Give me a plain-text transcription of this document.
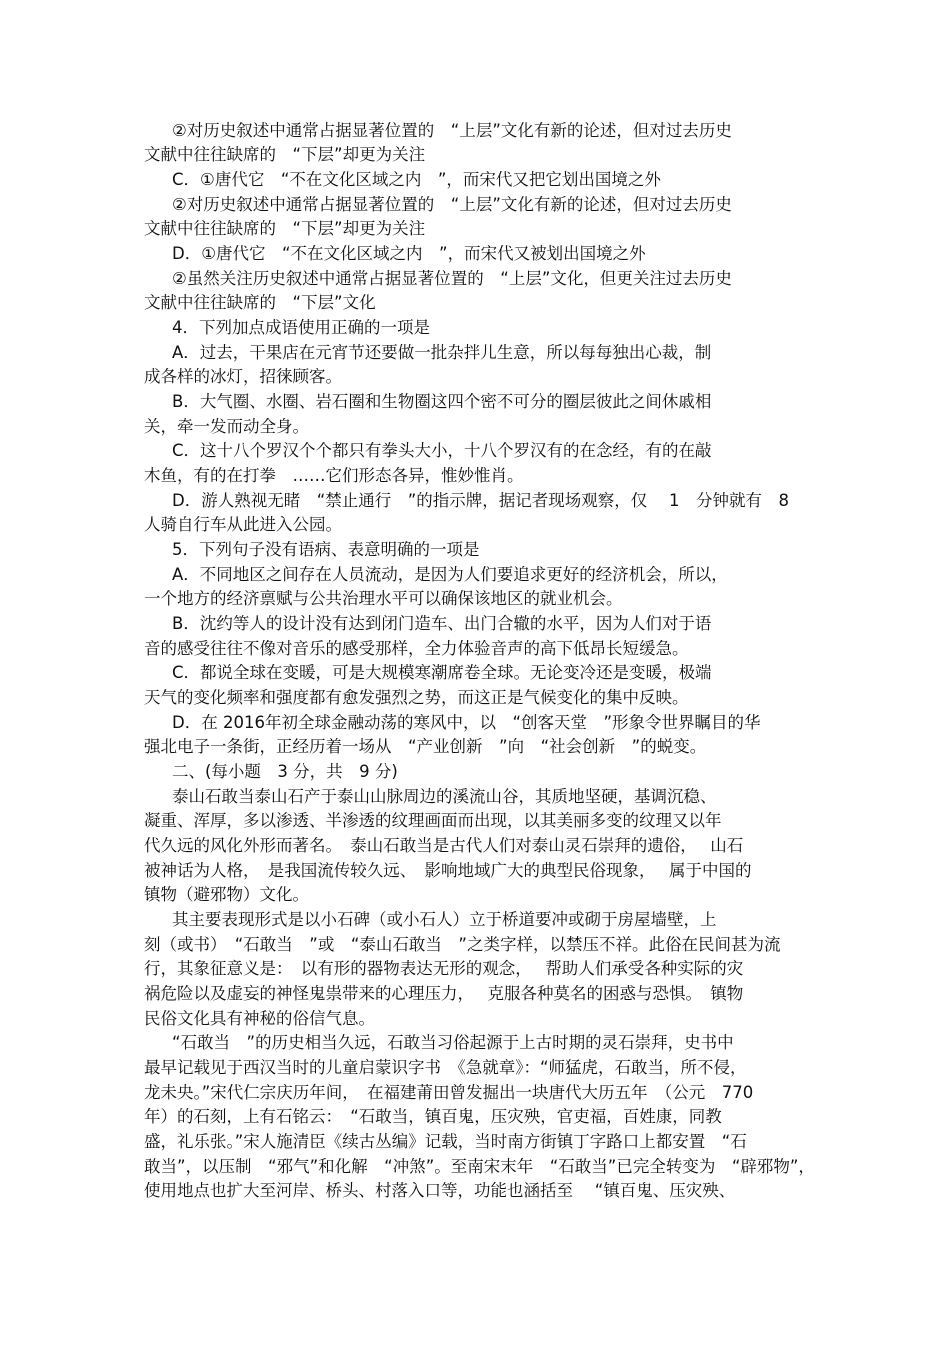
②对历史叙述中通常占据显著位置的　“上层”文化有新的论述，但对过去历史
文献中往往缺席的　“下层”却更为关注
C．①唐代它　“不在文化区域之内　”，而宋代又把它划出国境之外
②对历史叙述中通常占据显著位置的　“上层”文化有新的论述，但对过去历史
文献中往往缺席的　“下层”却更为关注
D．①唐代它　“不在文化区域之内　”，而宋代又被划出国境之外
②虽然关注历史叙述中通常占据显著位置的　“上层”文化，但更关注过去历史
文献中往往缺席的　“下层”文化
4．下列加点成语使用正确的一项是
A．过去，干果店在元宵节还要做一批杂拌儿生意，所以每每独出心裁，制
成各样的冰灯，招徕顾客。
B．大气圈、水圈、岩石圈和生物圈这四个密不可分的圈层彼此之间休戚相
关，牵一发而动全身。
C．这十八个罗汉个个都只有拳头大小，十八个罗汉有的在念经，有的在敲
木鱼，有的在打拳　……它们形态各异，惟妙惟肖。
D．游人熟视无睹　“禁止通行　”的指示牌，据记者现场观察，仅　 1　分钟就有　8
人骑自行车从此进入公园。
5．下列句子没有语病、表意明确的一项是
A．不同地区之间存在人员流动，是因为人们要追求更好的经济机会，所以，
一个地方的经济禀赋与公共治理水平可以确保该地区的就业机会。
B．沈约等人的设计没有达到闭门造车、出门合辙的水平，因为人们对于语
音的感受往往不像对音乐的感受那样，全力体验音声的高下低昂长短缓急。
C．都说全球在变暖，可是大规模寒潮席卷全球。无论变冷还是变暖，极端
天气的变化频率和强度都有愈发强烈之势，而这正是气候变化的集中反映。
D．在 2016年初全球金融动荡的寒风中，以　“创客天堂　”形象令世界瞩目的华
强北电子一条街，正经历着一场从　“产业创新　”向　“社会创新　”的蜕变。
二、(每小题　3 分，共　9 分)
泰山石敢当泰山石产于泰山山脉周边的溪流山谷，其质地坚硬，基调沉稳、
凝重、浑厚，多以渗透、半渗透的纹理画面而出现，以其美丽多变的纹理又以年
代久远的风化外形而著名。　泰山石敢当是古代人们对泰山灵石崇拜的遗俗，　 山石
被神话为人格，　是我国流传较久远、　影响地域广大的典型民俗现象，　 属于中国的
镇物（避邪物）文化。
其主要表现形式是以小石碑（或小石人）立于桥道要冲或砌于房屋墙壁，上
刻（或书）　“石敢当　”或　“泰山石敢当　”之类字样，以禁压不祥。此俗在民间甚为流
行，其象征意义是：　以有形的器物表达无形的观念，　 帮助人们承受各种实际的灾
祸危险以及虚妄的神怪鬼祟带来的心理压力，　 克服各种莫名的困惑与恐惧。　镇物
民俗文化具有神秘的俗信气息。
“石敢当　”的历史相当久远，石敢当习俗起源于上古时期的灵石崇拜，史书中
最早记载见于西汉当时的儿童启蒙识字书　《急就章》：“师猛虎，石敢当，所不侵，
龙未央。”宋代仁宗庆历年间，　在福建莆田曾发掘出一块唐代大历五年　（公元　770
年）的石刻，上有石铭云：　“石敢当，镇百鬼，压灾殃，官吏福，百姓康，同教
盛，礼乐张。”宋人施清臣《续古丛编》记载，当时南方街镇丁字路口上都安置　“石
敢当”，以压制　“邪气”和化解　“冲煞”。至南宋末年　“石敢当”已完全转变为　“辟邪物”，
使用地点也扩大至河岸、桥头、村落入口等，功能也涵括至　 “镇百鬼、压灾殃、
